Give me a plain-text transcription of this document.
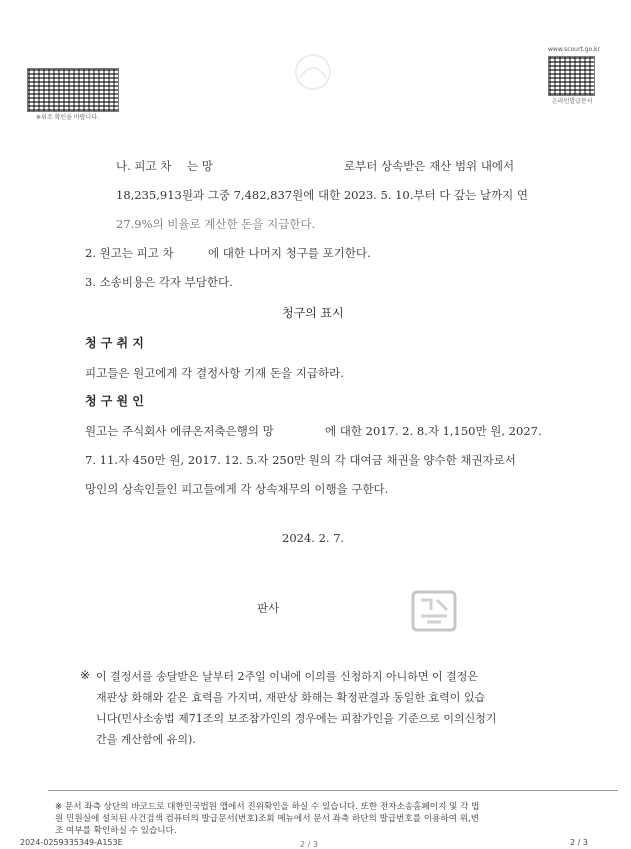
※위조 확인을 바랍니다.
www.scourt.go.kr
온라인발급문서
나. 피고 차 는 망	로부터 상속받은 재산 범위 내에서
18,235,913원과 그중 7,482,837원에 대한 2023. 5. 10.부터 다 갚는 날까지 연
27.9%의 비율로 계산한 돈을 지급한다.
2. 원고는 피고 차	에 대한 나머지 청구를 포기한다.
3. 소송비용은 각자 부담한다.
청구의 표시
청 구 취 지
피고들은 원고에게 각 결정사항 기재 돈을 지급하라.
청 구 원 인
원고는 주식회사 에큐온저축은행의 망	에 대한 2017. 2. 8.자 1,150만 원, 2027.
7. 11.자 450만 원, 2017. 12. 5.자 250만 원의 각 대여금 채권을 양수한 채권자로서
망인의 상속인들인 피고들에게 각 상속채무의 이행을 구한다.
2024. 2. 7.
판사
※ 이 결정서를 송달받은 날부터 2주일 이내에 이의를 신청하지 아니하면 이 결정은
재판상 화해와 같은 효력을 가지며, 재판상 화해는 확정판결과 동일한 효력이 있습
니다(민사소송법 제71조의 보조참가인의 경우에는 피참가인을 기준으로 이의신청기
간을 계산함에 유의).
※ 문서 좌측 상단의 바코드로 대한민국법원 앱에서 진위확인을 하실 수 있습니다. 또한 전자소송홈페이지 및 각 법
원 민원실에 설치된 사건검색 컴퓨터의 발급문서(번호)조회 메뉴에서 문서 좌측 하단의 발급번호를 이용하여 위,변
조 여부를 확인하실 수 있습니다.
2024-0259335349-A153E	2 / 3	2 / 3
